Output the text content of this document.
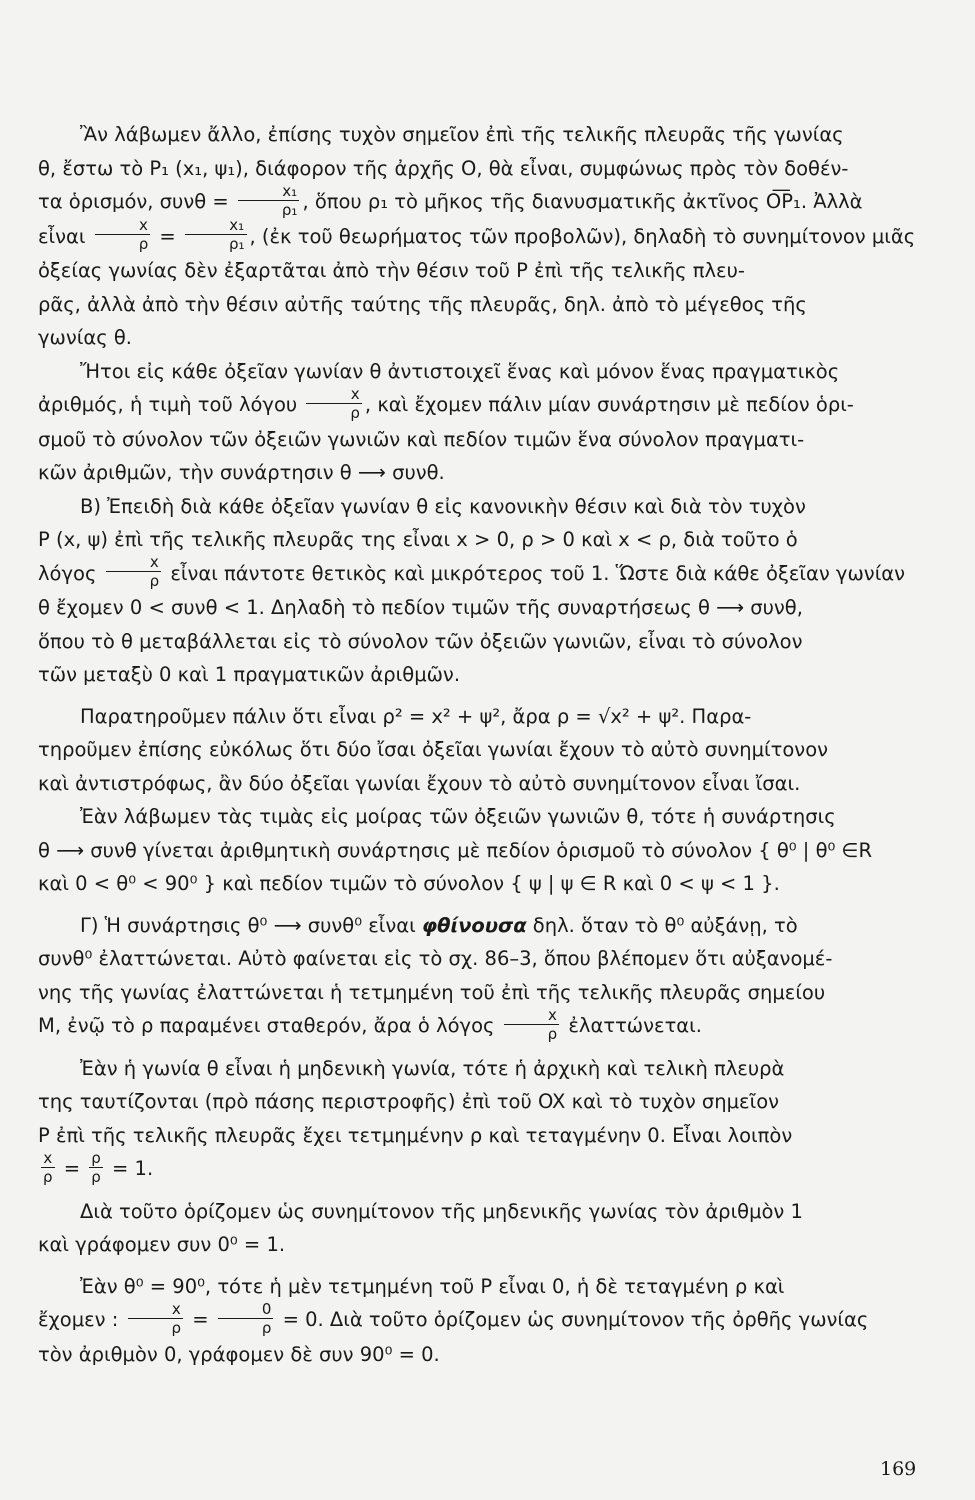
Ἂν λάβωμεν ἄλλο, ἐπίσης τυχὸν σημεῖον ἐπὶ τῆς τελικῆς πλευρᾶς τῆς γωνίας
θ, ἔστω τὸ P₁ (x₁, ψ₁), διάφορον τῆς ἀρχῆς O, θὰ εἶναι, συμφώνως πρὸς τὸν δοθέν-
τα ὁρισμόν, $\sigma\upsilon\nu\theta = \frac{\text{x₁}}{\text{ρ₁}}$ , ὅπου ρ₁ τὸ μῆκος τῆς διανυσματικῆς ἀκτῖνος O͞P₁. Ἀλλὰ
εἶναι $\frac{x}{\rho} = \frac{\text{x₁}}{\text{ρ₁}}$ , (ἐκ τοῦ θεωρήματος τῶν προβολῶν), δηλαδὴ τὸ συνημίτονον μιᾶς
ὀξείας γωνίας δὲν ἐξαρτᾶται ἀπὸ τὴν θέσιν τοῦ P ἐπὶ τῆς τελικῆς πλευ-
ρᾶς, ἀλλὰ ἀπὸ τὴν θέσιν αὐτῆς ταύτης τῆς πλευρᾶς, δηλ. ἀπὸ τὸ μέγεθος τῆς
γωνίας θ.

Ἤτοι εἰς κάθε ὀξεῖαν γωνίαν θ ἀντιστοιχεῖ ἕνας καὶ μόνον ἕνας πραγματικὸς
ἀριθμός, ἡ τιμὴ τοῦ λόγου $\frac{x}{\rho}$ , καὶ ἔχομεν πάλιν μίαν συνάρτησιν μὲ πεδίον ὁρι-
σμοῦ τὸ σύνολον τῶν ὀξειῶν γωνιῶν καὶ πεδίον τιμῶν ἕνα σύνολον πραγματι-
κῶν ἀριθμῶν, τὴν συνάρτησιν θ ⟶ συνθ.

B) Ἐπειδὴ διὰ κάθε ὀξεῖαν γωνίαν θ εἰς κανονικὴν θέσιν καὶ διὰ τὸν τυχὸν
P (x, ψ) ἐπὶ τῆς τελικῆς πλευρᾶς της εἶναι x > 0, ρ > 0 καὶ x < ρ, διὰ τοῦτο ὁ
λόγος $\frac{x}{\rho}$ εἶναι πάντοτε θετικὸς καὶ μικρότερος τοῦ 1. Ὥστε διὰ κάθε ὀξεῖαν γωνίαν
θ ἔχομεν 0 < συνθ < 1. Δηλαδὴ τὸ πεδίον τιμῶν τῆς συναρτήσεως θ ⟶ συνθ,
ὅπου τὸ θ μεταβάλλεται εἰς τὸ σύνολον τῶν ὀξειῶν γωνιῶν, εἶναι τὸ σύνολον
τῶν μεταξὺ 0 καὶ 1 πραγματικῶν ἀριθμῶν.

Παρατηροῦμεν πάλιν ὅτι εἶναι ρ² = x² + ψ², ἄρα ρ = √x² + ψ². Παρα-
τηροῦμεν ἐπίσης εὐκόλως ὅτι δύο ἴσαι ὀξεῖαι γωνίαι ἔχουν τὸ αὐτὸ συνημίτονον
καὶ ἀντιστρόφως, ἂν δύο ὀξεῖαι γωνίαι ἔχουν τὸ αὐτὸ συνημίτονον εἶναι ἴσαι.

Ἐὰν λάβωμεν τὰς τιμὰς εἰς μοίρας τῶν ὀξειῶν γωνιῶν θ, τότε ἡ συνάρτησις
θ ⟶ συνθ γίνεται ἀριθμητικὴ συνάρτησις μὲ πεδίον ὁρισμοῦ τὸ σύνολον { θ⁰ | θ⁰ ∈R
καὶ 0 < θ⁰ < 90⁰ } καὶ πεδίον τιμῶν τὸ σύνολον { ψ | ψ ∈ R καὶ 0 < ψ < 1 }.

Γ) Ἡ συνάρτησις θ⁰ ⟶ συνθ⁰ εἶναι φθίνουσα δηλ. ὅταν τὸ θ⁰ αὐξάνῃ, τὸ
συνθ⁰ ἐλαττώνεται. Αὐτὸ φαίνεται εἰς τὸ σχ. 86–3, ὅπου βλέπομεν ὅτι αὐξανομέ-
νης τῆς γωνίας ἐλαττώνεται ἡ τετμημένη τοῦ ἐπὶ τῆς τελικῆς πλευρᾶς σημείου
M, ἐνῷ τὸ ρ παραμένει σταθερόν, ἄρα ὁ λόγος $\frac{x}{\rho}$ ἐλαττώνεται.

Ἐὰν ἡ γωνία θ εἶναι ἡ μηδενικὴ γωνία, τότε ἡ ἀρχικὴ καὶ τελικὴ πλευρὰ
της ταυτίζονται (πρὸ πάσης περιστροφῆς) ἐπὶ τοῦ OX καὶ τὸ τυχὸν σημεῖον
P ἐπὶ τῆς τελικῆς πλευρᾶς ἔχει τετμημένην ρ καὶ τεταγμένην 0. Εἶναι λοιπὸν

$\frac{x}{\rho} = \frac{\rho}{\rho} = 1$.

Διὰ τοῦτο ὁρίζομεν ὡς συνημίτονον τῆς μηδενικῆς γωνίας τὸν ἀριθμὸν 1
καὶ γράφομεν συν 0⁰ = 1.

Ἐὰν θ⁰ = 90⁰, τότε ἡ μὲν τετμημένη τοῦ P εἶναι 0, ἡ δὲ τεταγμένη ρ καὶ
ἔχομεν : $\frac{x}{\rho} = \frac{0}{\rho} = 0$. Διὰ τοῦτο ὁρίζομεν ὡς συνημίτονον τῆς ὀρθῆς γωνίας
τὸν ἀριθμὸν 0, γράφομεν δὲ συν 90⁰ = 0.

169
